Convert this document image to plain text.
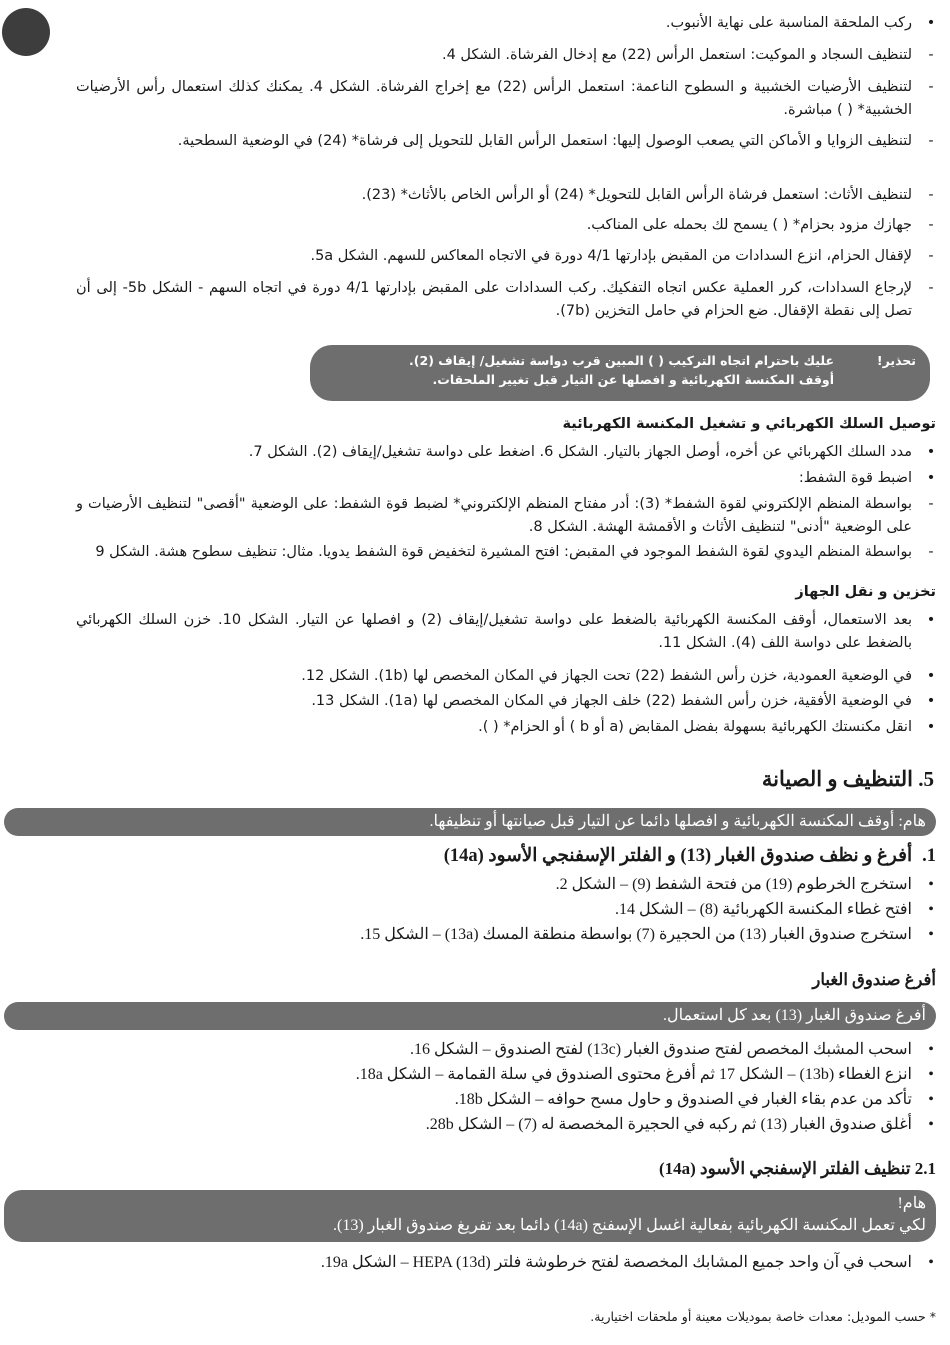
•
ركب الملحقة المناسبة على نهاية الأنبوب.
-
لتنظيف السجاد و الموكيت: استعمل الرأس (22) مع إدخال الفرشاة. الشكل 4.
-
لتنظيف الأرضيات الخشبية و السطوح الناعمة: استعمل الرأس (22) مع إخراج الفرشاة. الشكل 4. يمكنك كذلك استعمال رأس الأرضيات الخشبية* ( ) مباشرة.
-
لتنظيف الزوايا و الأماكن التي يصعب الوصول إليها: استعمل الرأس القابل للتحويل إلى فرشاة* (24) في الوضعية السطحية.
-
لتنظيف الأثاث: استعمل فرشاة الرأس القابل للتحويل* (24) أو الرأس الخاص بالأثاث* (23).
-
جهازك مزود بحزام* ( ) يسمح لك بحمله على المناكب.
-
لإقفال الحزام، انزع السدادات من المقبض بإدارتها 4/1 دورة في الاتجاه المعاكس للسهم. الشكل 5a.
-
لإرجاع السدادات، كرر العملية عكس اتجاه التفكيك. ركب السدادات على المقبض بإدارتها 4/1 دورة في اتجاه السهم - الشكل 5b- إلى أن تصل إلى نقطة الإقفال. ضع الحزام في حامل التخزين (7b).
تحذير!
عليك باحترام اتجاه التركيب ( ) المبين قرب دواسة تشغيل/ إيقاف (2).
أوقف المكنسة الكهربائية و افصلها عن التيار قبل تغيير الملحقات.
توصيل السلك الكهربائي و تشغيل المكنسة الكهربائية
•
مدد السلك الكهربائي عن أخره، أوصل الجهاز بالتيار. الشكل 6. اضغط على دواسة تشغيل/إيقاف (2). الشكل 7.
•
اضبط قوة الشفط:
-
بواسطة المنظم الإلكتروني لقوة الشفط* (3): أدر مفتاح المنظم الإلكتروني* لضبط قوة الشفط: على الوضعية "أقصى" لتنظيف الأرضيات و على الوضعية "أدنى" لتنظيف الأثاث و الأقمشة الهشة. الشكل 8.
-
بواسطة المنظم اليدوي لقوة الشفط الموجود في المقبض: افتح المشيرة لتخفيض قوة الشفط يدويا. مثال: تنظيف سطوح هشة. الشكل 9
تخزين و نقل الجهاز
•
بعد الاستعمال، أوقف المكنسة الكهربائية بالضغط على دواسة تشغيل/إيقاف (2) و افصلها عن التيار. الشكل 10. خزن السلك الكهربائي بالضغط على دواسة اللف (4). الشكل 11.
•
في الوضعية العمودية، خزن رأس الشفط (22) تحت الجهاز في المكان المخصص لها (1b). الشكل 12.
•
في الوضعية الأفقية، خزن رأس الشفط (22) خلف الجهاز في المكان المخصص لها (1a). الشكل 13.
•
انقل مكنستك الكهربائية بسهولة بفضل المقابض (a أو b ) أو الحزام* ( ).
5. التنظيف و الصيانة
هام: أوقف المكنسة الكهربائية و افصلها دائما عن التيار قبل صيانتها أو تنظيفها.
1.أفرغ و نظف صندوق الغبار (13) و الفلتر الإسفنجي الأسود (14a)
•
استخرج الخرطوم (19) من فتحة الشفط (9) – الشكل 2.
•
افتح غطاء المكنسة الكهربائية (8) – الشكل 14.
•
استخرج صندوق الغبار (13) من الحجيرة (7) بواسطة منطقة المسك (13a) – الشكل 15.
أفرغ صندوق الغبار
أفرغ صندوق الغبار (13) بعد كل استعمال.
•
اسحب المشبك المخصص لفتح صندوق الغبار (13c) لفتح الصندوق – الشكل 16.
•
انزع الغطاء (13b) – الشكل 17 ثم أفرغ محتوى الصندوق في سلة القمامة – الشكل 18a.
•
تأكد من عدم بقاء الغبار في الصندوق و حاول مسح حوافه – الشكل 18b.
•
أغلق صندوق الغبار (13) ثم ركبه في الحجيرة المخصصة له (7) – الشكل 28b.
2.1 تنظيف الفلتر الإسفنجي الأسود (14a)
هام!
لكي تعمل المكنسة الكهربائية بفعالية اغسل الإسفنج (14a) دائما بعد تفريغ صندوق الغبار (13).
•
اسحب في آن واحد جميع المشابك المخصصة لفتح خرطوشة فلتر HEPA (13d) – الشكل 19a.
* حسب الموديل: معدات خاصة بموديلات معينة أو ملحقات اختيارية.
